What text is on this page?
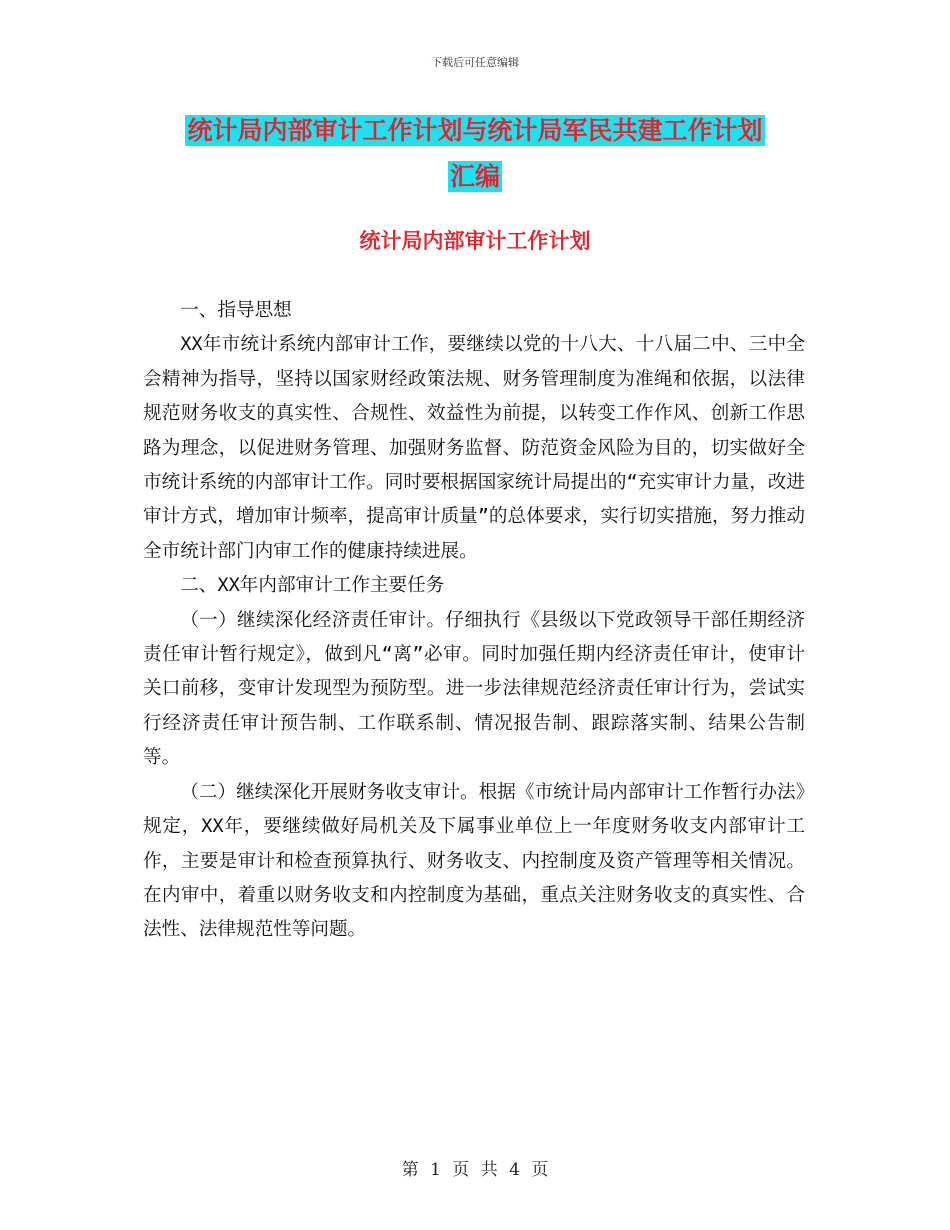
下载后可任意编辑
统计局内部审计工作计划与统计局军民共建工作计划
汇编
统计局内部审计工作计划

一、指导思想

XX年市统计系统内部审计工作，要继续以党的十八大、十八届二中、三中全会精神为指导，坚持以国家财经政策法规、财务管理制度为准绳和依据，以法律规范财务收支的真实性、合规性、效益性为前提，以转变工作作风、创新工作思路为理念，以促进财务管理、加强财务监督、防范资金风险为目的，切实做好全市统计系统的内部审计工作。同时要根据国家统计局提出的“充实审计力量，改进审计方式，增加审计频率，提高审计质量”的总体要求，实行切实措施，努力推动全市统计部门内审工作的健康持续进展。

二、XX年内部审计工作主要任务

（一）继续深化经济责任审计。仔细执行《县级以下党政领导干部任期经济责任审计暂行规定》，做到凡“离”必审。同时加强任期内经济责任审计，使审计关口前移，变审计发现型为预防型。进一步法律规范经济责任审计行为，尝试实行经济责任审计预告制、工作联系制、情况报告制、跟踪落实制、结果公告制等。

（二）继续深化开展财务收支审计。根据《市统计局内部审计工作暂行办法》规定，XX年，要继续做好局机关及下属事业单位上一年度财务收支内部审计工作，主要是审计和检查预算执行、财务收支、内控制度及资产管理等相关情况。在内审中，着重以财务收支和内控制度为基础，重点关注财务收支的真实性、合法性、法律规范性等问题。

第 1 页 共 4 页
